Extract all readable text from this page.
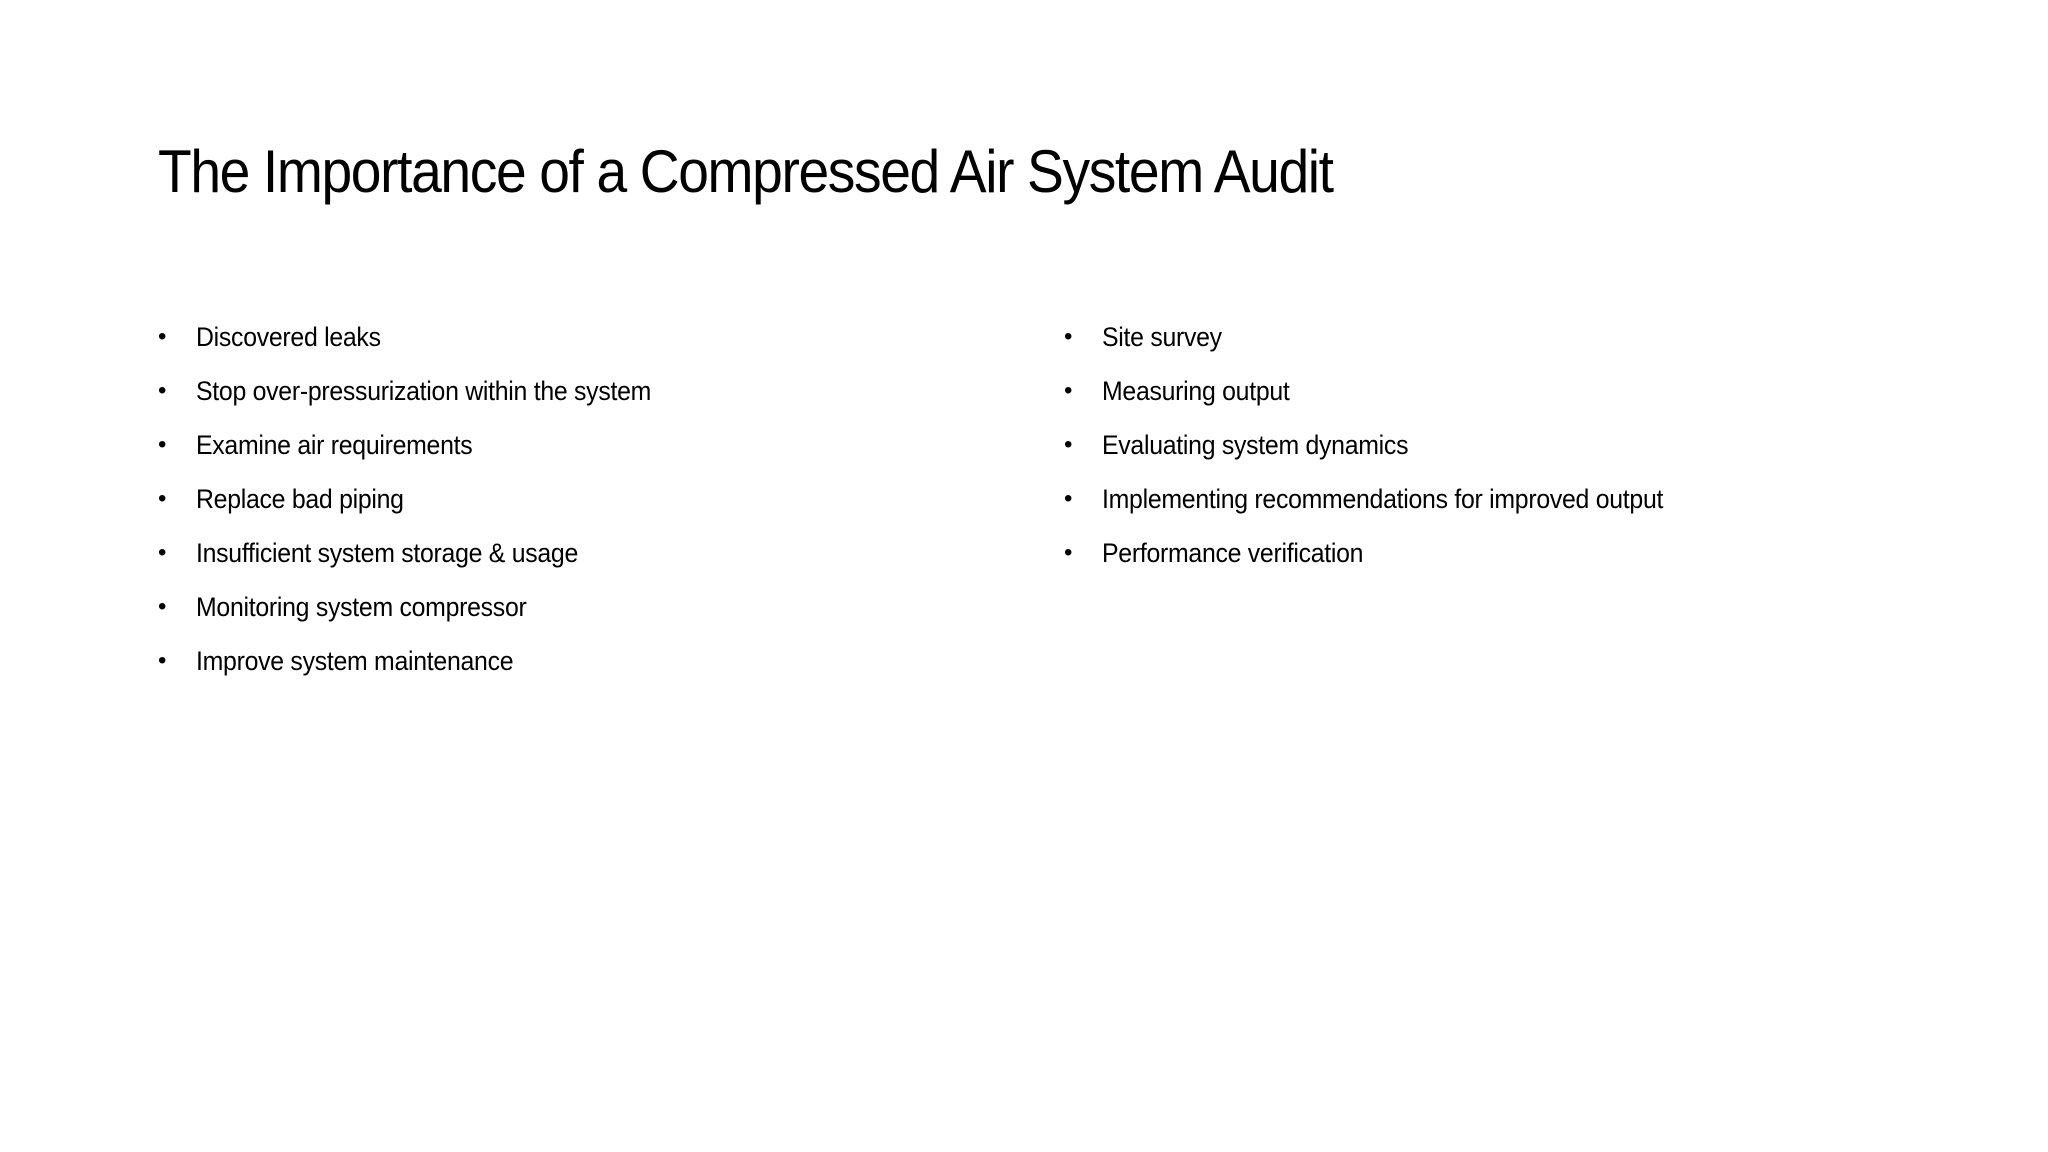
The Importance of a Compressed Air System Audit
•	Discovered leaks
•	Stop over-pressurization within the system
•	Examine air requirements
•	Replace bad piping
•	Insufficient system storage & usage
•	Monitoring system compressor
•	Improve system maintenance
•	Site survey
•	Measuring output
•	Evaluating system dynamics
•	Implementing recommendations for improved output
•	Performance verification
